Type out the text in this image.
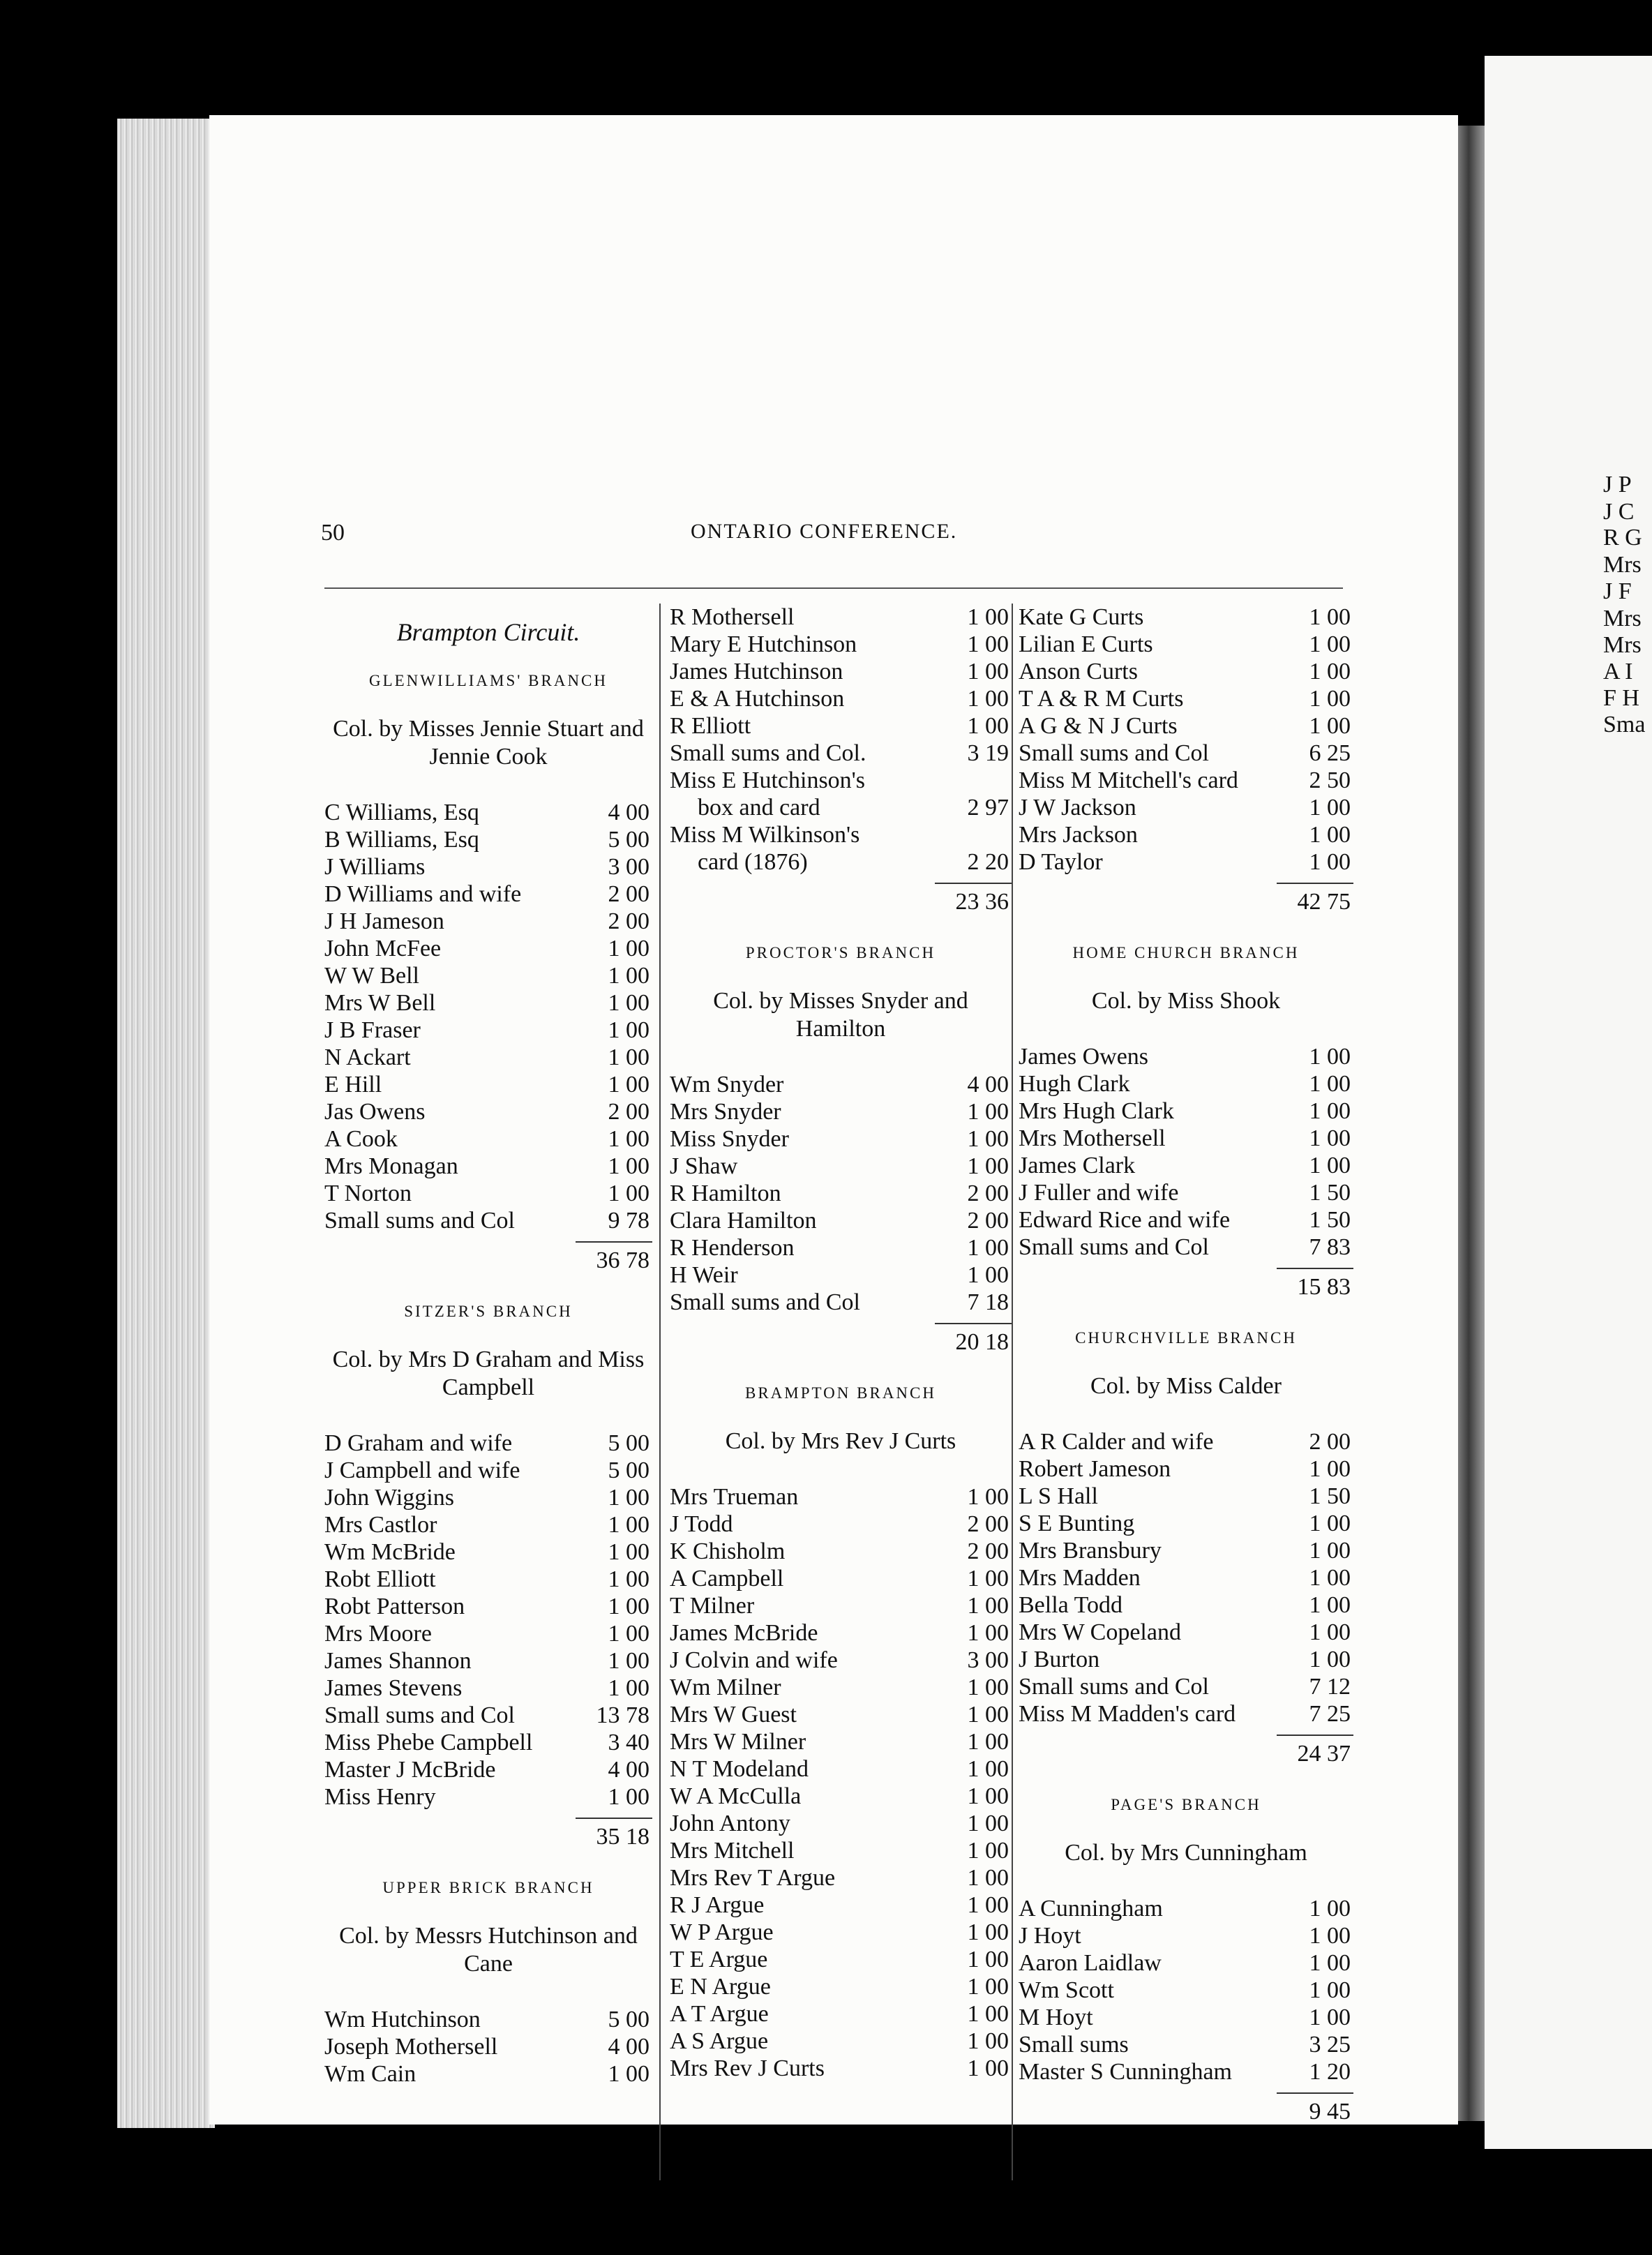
50	ONTARIO CONFERENCE.
Brampton Circuit.
GLENWILLIAMS' BRANCH
Col. by Misses Jennie Stuart and Jennie Cook
C Williams, Esq	4 00
B Williams, Esq	5 00
J Williams	3 00
D Williams and wife	2 00
J H Jameson	2 00
John McFee	1 00
W W Bell	1 00
Mrs W Bell	1 00
J B Fraser	1 00
N Ackart	1 00
E Hill	1 00
Jas Owens	2 00
A Cook	1 00
Mrs Monagan	1 00
T Norton	1 00
Small sums and Col	9 78
36 78
SITZER'S BRANCH
Col. by Mrs D Graham and Miss Campbell
D Graham and wife	5 00
J Campbell and wife	5 00
John Wiggins	1 00
Mrs Castlor	1 00
Wm McBride	1 00
Robt Elliott	1 00
Robt Patterson	1 00
Mrs Moore	1 00
James Shannon	1 00
James Stevens	1 00
Small sums and Col	13 78
Miss Phebe Campbell	3 40
Master J McBride	4 00
Miss Henry	1 00
35 18
UPPER BRICK BRANCH
Col. by Messrs Hutchinson and Cane
Wm Hutchinson	5 00
Joseph Mothersell	4 00
Wm Cain	1 00
R Mothersell	1 00
Mary E Hutchinson	1 00
James Hutchinson	1 00
E & A Hutchinson	1 00
R Elliott	1 00
Small sums and Col.	3 19
Miss E Hutchinson's
box and card	2 97
Miss M Wilkinson's
card (1876)	2 20
23 36
PROCTOR'S BRANCH
Col. by Misses Snyder and Hamilton
Wm Snyder	4 00
Mrs Snyder	1 00
Miss Snyder	1 00
J Shaw	1 00
R Hamilton	2 00
Clara Hamilton	2 00
R Henderson	1 00
H Weir	1 00
Small sums and Col	7 18
20 18
BRAMPTON BRANCH
Col. by Mrs Rev J Curts
Mrs Trueman	1 00
J Todd	2 00
K Chisholm	2 00
A Campbell	1 00
T Milner	1 00
James McBride	1 00
J Colvin and wife	3 00
Wm Milner	1 00
Mrs W Guest	1 00
Mrs W Milner	1 00
N T Modeland	1 00
W A McCulla	1 00
John Antony	1 00
Mrs Mitchell	1 00
Mrs Rev T Argue	1 00
R J Argue	1 00
W P Argue	1 00
T E Argue	1 00
E N Argue	1 00
A T Argue	1 00
A S Argue	1 00
Mrs Rev J Curts	1 00
Kate G Curts	1 00
Lilian E Curts	1 00
Anson Curts	1 00
T A & R M Curts	1 00
A G & N J Curts	1 00
Small sums and Col	6 25
Miss M Mitchell's card	2 50
J W Jackson	1 00
Mrs Jackson	1 00
D Taylor	1 00
42 75
HOME CHURCH BRANCH
Col. by Miss Shook
James Owens	1 00
Hugh Clark	1 00
Mrs Hugh Clark	1 00
Mrs Mothersell	1 00
James Clark	1 00
J Fuller and wife	1 50
Edward Rice and wife	1 50
Small sums and Col	7 83
15 83
CHURCHVILLE BRANCH
Col. by Miss Calder
A R Calder and wife	2 00
Robert Jameson	1 00
L S Hall	1 50
S E Bunting	1 00
Mrs Bransbury	1 00
Mrs Madden	1 00
Bella Todd	1 00
Mrs W Copeland	1 00
J Burton	1 00
Small sums and Col	7 12
Miss M Madden's card	7 25
24 37
PAGE'S BRANCH
Col. by Mrs Cunningham
A Cunningham	1 00
J Hoyt	1 00
Aaron Laidlaw	1 00
Wm Scott	1 00
M Hoyt	1 00
Small sums	3 25
Master S Cunningham	1 20
9 45
J P
J C
R G
Mrs
J F
Mrs
Mrs
A I
F H
Sma
